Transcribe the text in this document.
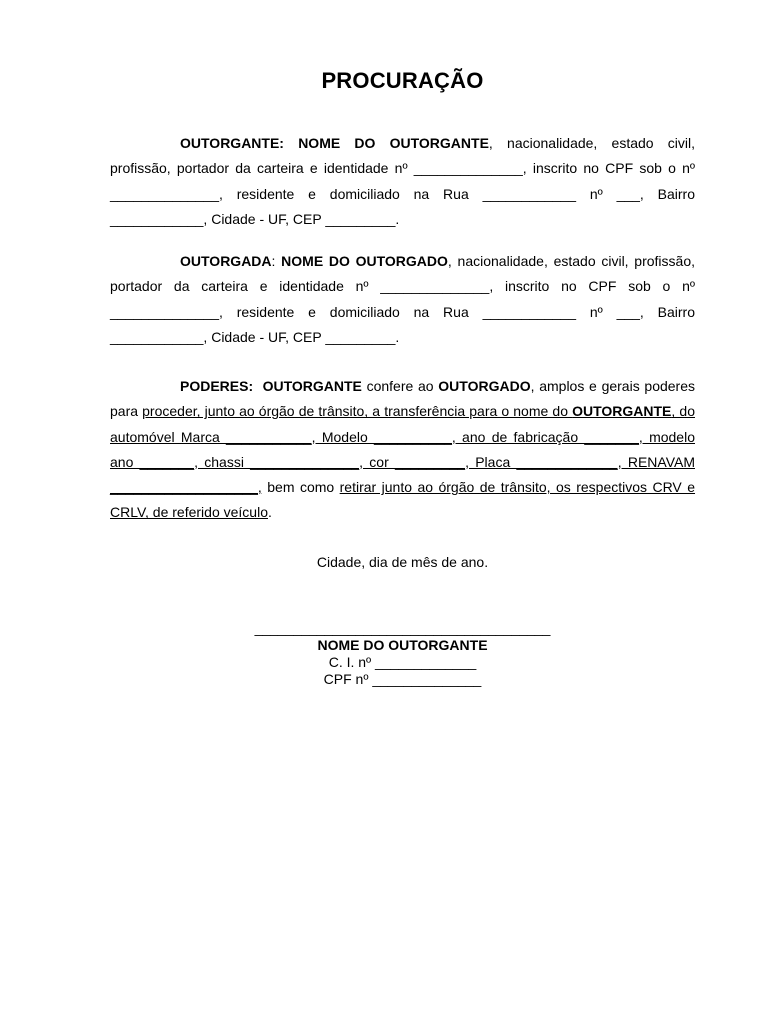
PROCURAÇÃO
OUTORGANTE: NOME DO OUTORGANTE, nacionalidade, estado civil, profissão, portador da carteira e identidade nº ______________, inscrito no CPF sob o nº ______________, residente e domiciliado na Rua ____________ nº ___, Bairro ____________, Cidade - UF, CEP _________.
OUTORGADA: NOME DO OUTORGADO, nacionalidade, estado civil, profissão, portador da carteira e identidade nº ______________, inscrito no CPF sob o nº ______________, residente e domiciliado na Rua ____________ nº ___, Bairro ____________, Cidade - UF, CEP _________.
PODERES: OUTORGANTE confere ao OUTORGADO, amplos e gerais poderes para proceder, junto ao órgão de trânsito, a transferência para o nome do OUTORGANTE, do automóvel Marca ___________, Modelo __________, ano de fabricação _______, modelo ano _______, chassi ______________, cor _________, Placa _____________, RENAVAM ___________________, bem como retirar junto ao órgão de trânsito, os respectivos CRV e CRLV, de referido veículo.
Cidade, dia de mês de ano.
______________________________________
NOME DO OUTORGANTE
C. I. nº _____________
CPF nº ______________
